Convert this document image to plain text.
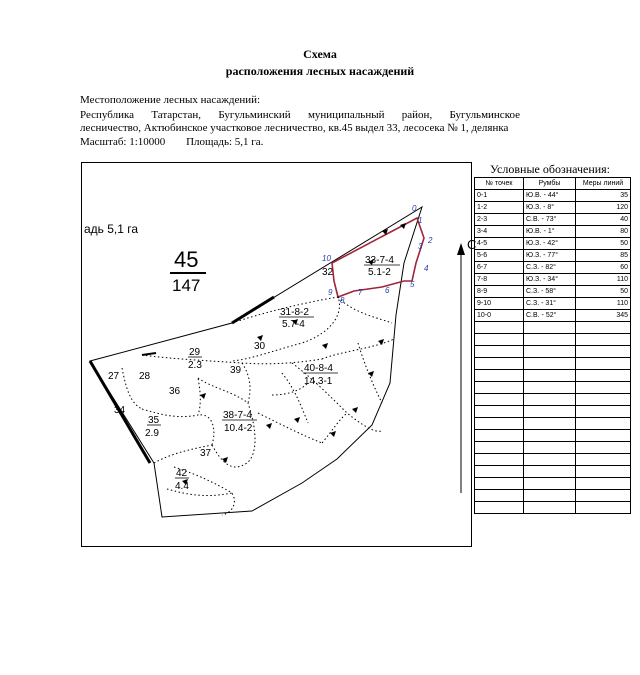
Схема
расположения лесных насаждений
Местоположение лесных насаждений:
Республика Татарстан, Бугульминский муниципальный район, Бугульминское
лесничество, Актюбинское участковое лесничество, кв.45 выдел 33, лесосека № 1, делянка
Масштаб: 1:10000 Площадь: 5,1 га.
С
адь 5,1 га
45
147
33-7-4
5.1-2
31-8-2
5.7-4
29
2.3
30
39	40-8-4
14.3-1
27 28
36
34
35
2.9
38-7-4
10.4-2
37
42
4.4
32
0
1
2
3
4
5
6
7
8
9
10
Условные обозначения:
№ точек	Румбы	Меры линий
0-1	Ю.В. - 44°	35
1-2	Ю.З. - 8°	120
2-3	С.В. - 73°	40
3-4	Ю.В. - 1°	80
4-5	Ю.З. - 42°	50
5-6	Ю.З. - 77°	85
6-7	С.З. - 82°	60
7-8	Ю.З. - 34°	110
8-9	С.З. - 58°	50
9-10	С.З. - 31°	110
10-0	С.В. - 52°	345
